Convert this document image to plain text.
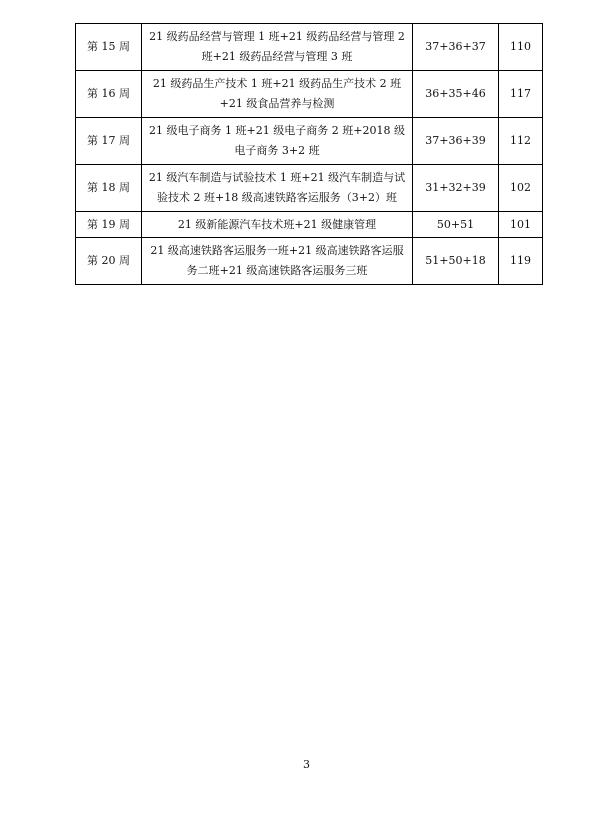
第 15 周	21 级药品经营与管理 1 班+21 级药品经营与管理 2 班+21 级药品经营与管理 3 班	37+36+37	110
第 16 周	21 级药品生产技术 1 班+21 级药品生产技术 2 班+21 级食品营养与检测	36+35+46	117
第 17 周	21 级电子商务 1 班+21 级电子商务 2 班+2018 级电子商务 3+2 班	37+36+39	112
第 18 周	21 级汽车制造与试验技术 1 班+21 级汽车制造与试验技术 2 班+18 级高速铁路客运服务（3+2）班	31+32+39	102
第 19 周	21 级新能源汽车技术班+21 级健康管理	50+51	101
第 20 周	21 级高速铁路客运服务一班+21 级高速铁路客运服务二班+21 级高速铁路客运服务三班	51+50+18	119
3
